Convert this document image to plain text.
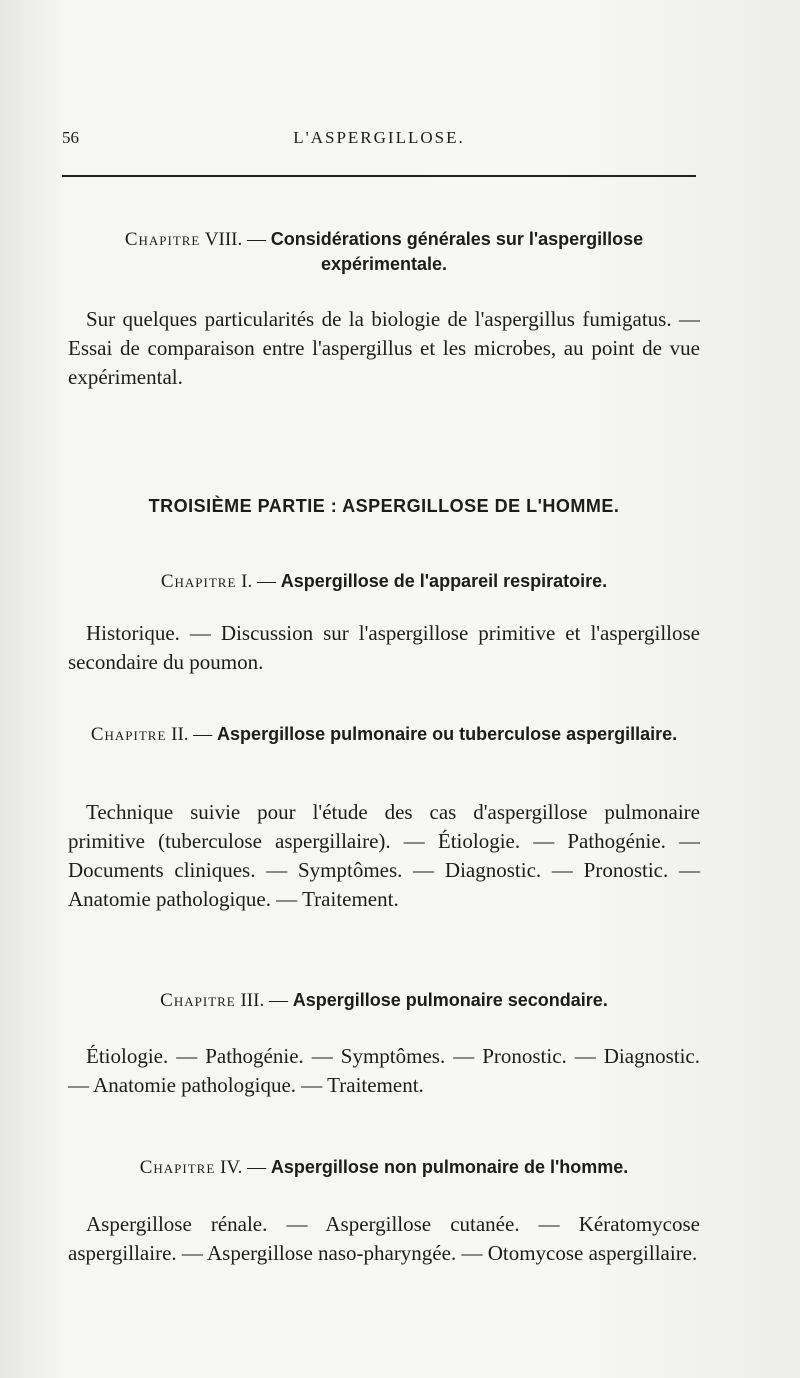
56	L'ASPERGILLOSE.
Chapitre VIII. — Considérations générales sur l'aspergillose expérimentale.

Sur quelques particularités de la biologie de l'aspergillus fumigatus. — Essai de comparaison entre l'aspergillus et les microbes, au point de vue expérimental.

TROISIÈME PARTIE : ASPERGILLOSE DE L'HOMME.
Chapitre I. — Aspergillose de l'appareil respiratoire.

Historique. — Discussion sur l'aspergillose primitive et l'aspergillose secondaire du poumon.

Chapitre II. — Aspergillose pulmonaire ou tuberculose aspergillaire.

Technique suivie pour l'étude des cas d'aspergillose pulmonaire primitive (tuberculose aspergillaire). — Étiologie. — Pathogénie. — Documents cliniques. — Symptômes. — Diagnostic. — Pronostic. — Anatomie pathologique. — Traitement.

Chapitre III. — Aspergillose pulmonaire secondaire.

Étiologie. — Pathogénie. — Symptômes. — Pronostic. — Diagnostic. — Anatomie pathologique. — Traitement.

Chapitre IV. — Aspergillose non pulmonaire de l'homme.

Aspergillose rénale. — Aspergillose cutanée. — Kératomycose aspergillaire. — Aspergillose naso-pharyngée. — Otomycose aspergillaire.
